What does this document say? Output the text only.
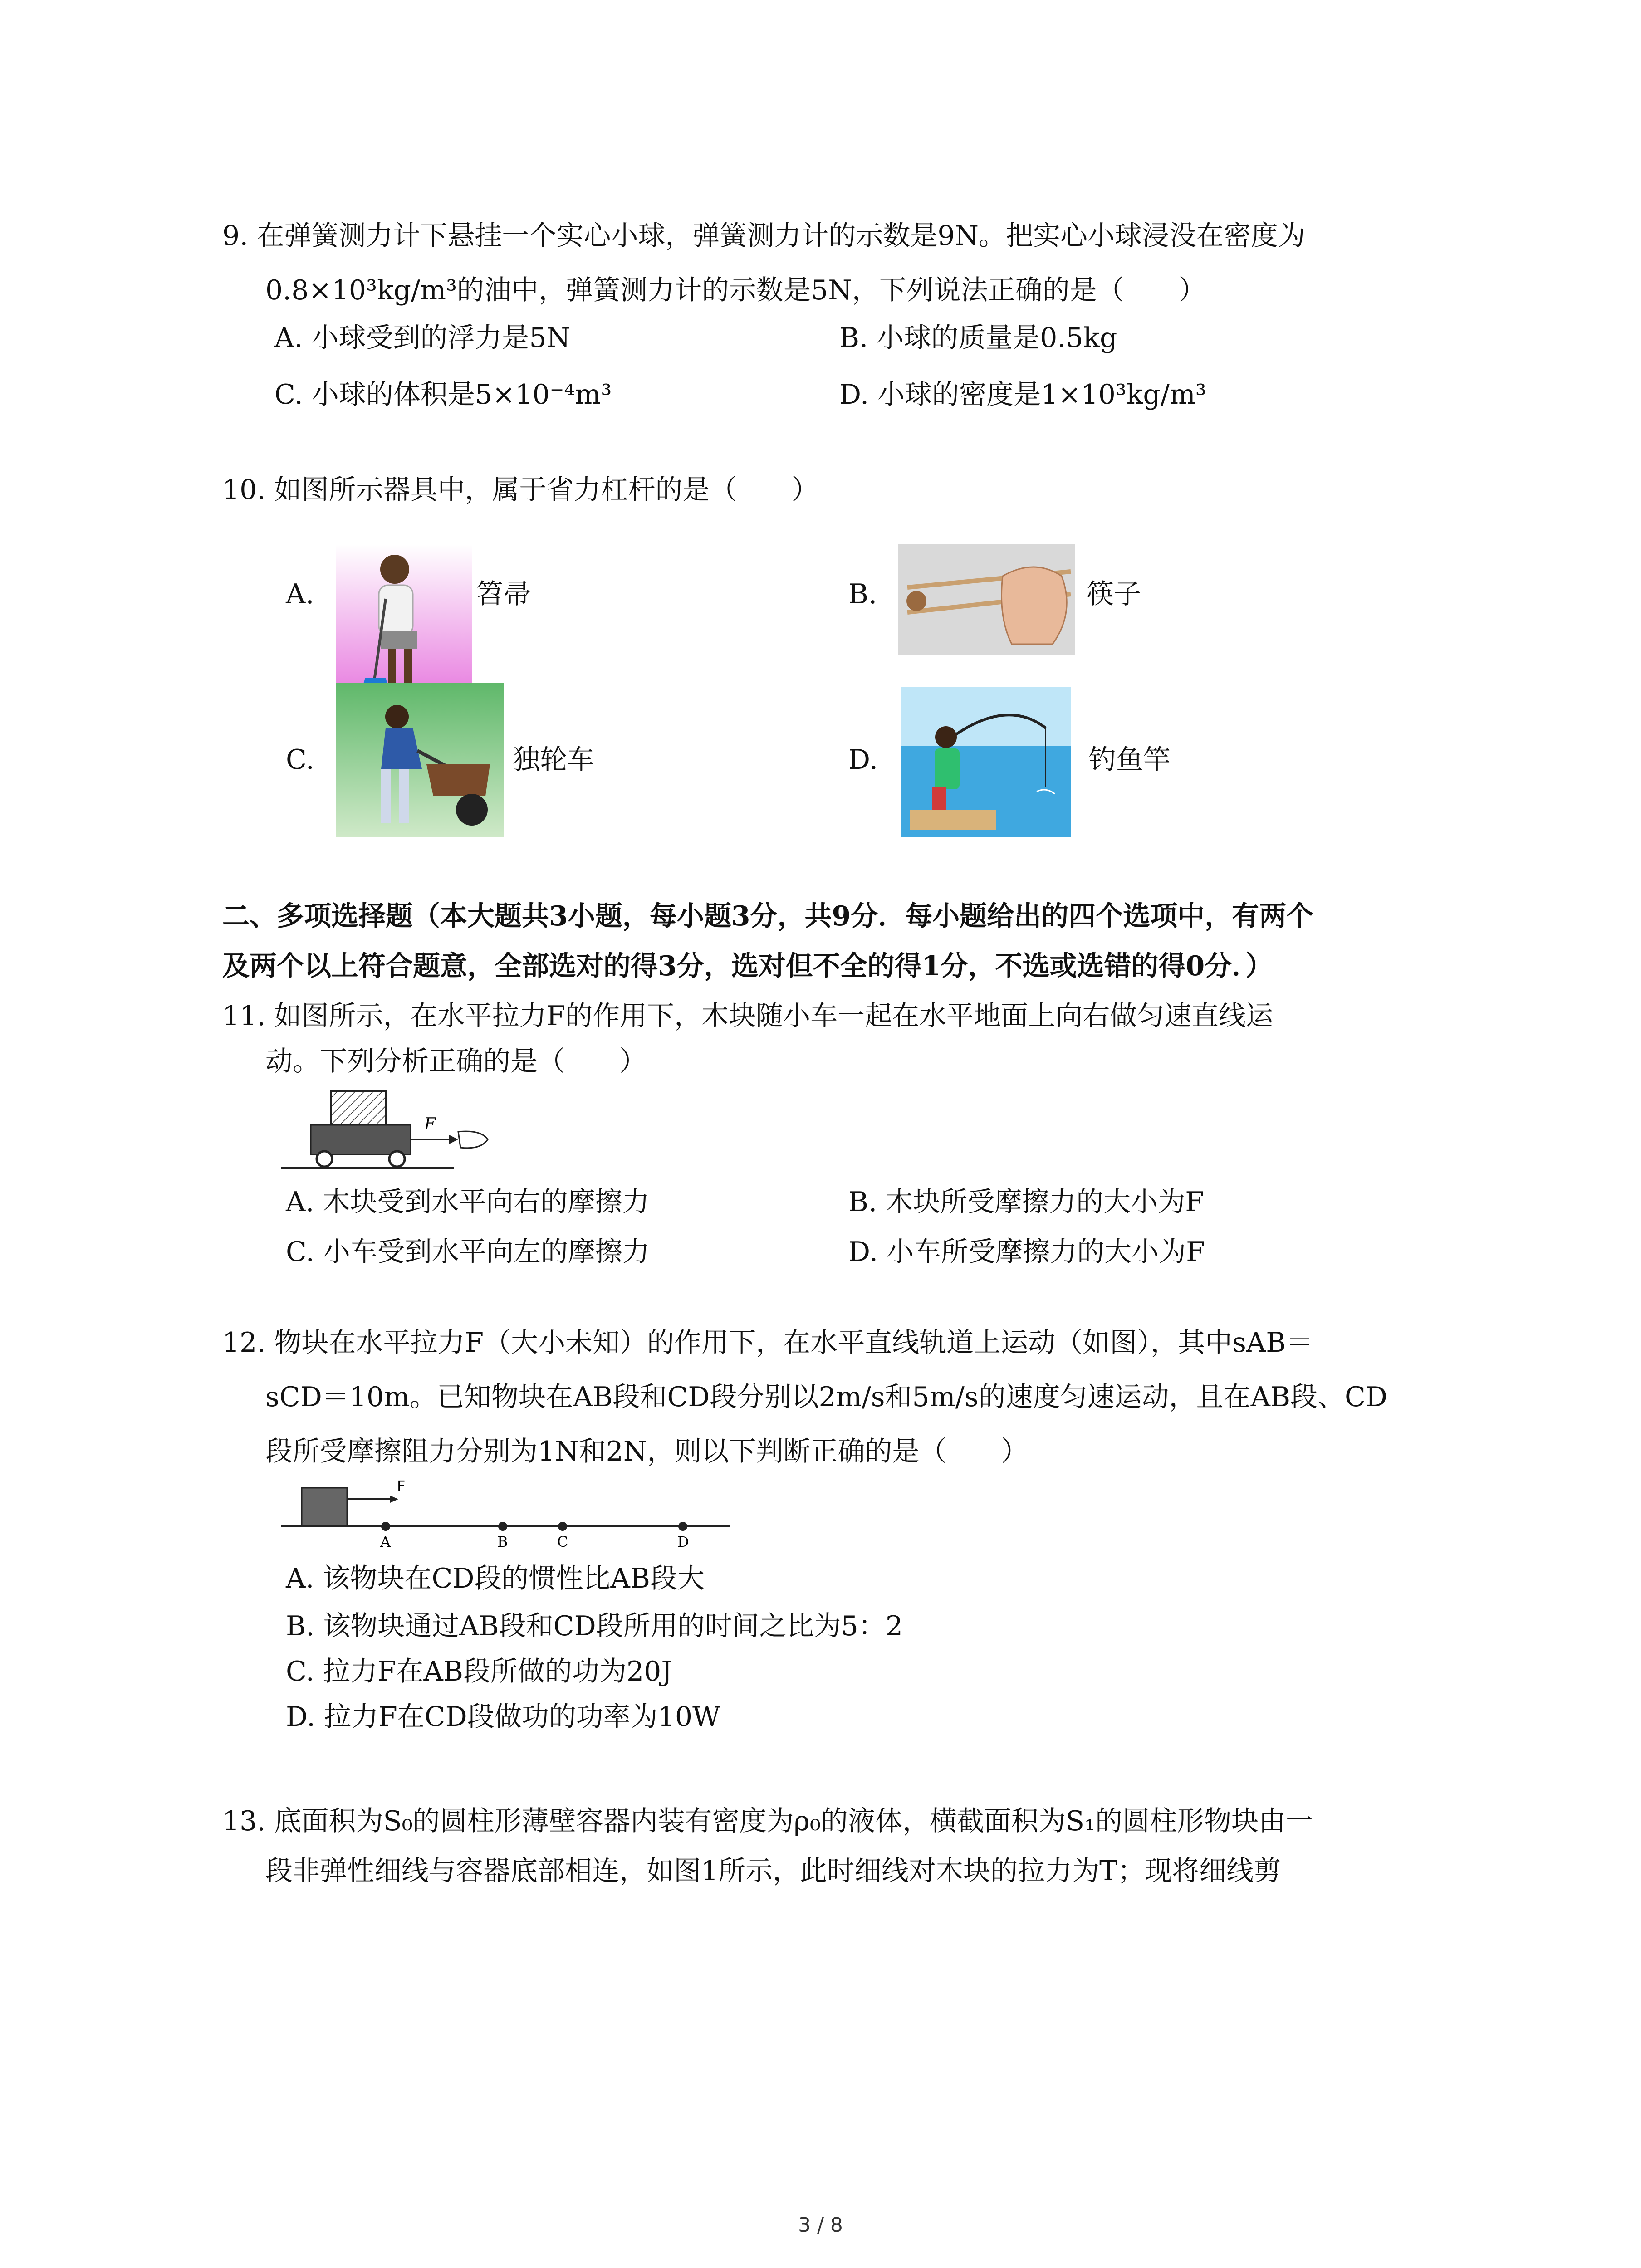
9. 在弹簧测力计下悬挂一个实心小球，弹簧测力计的示数是9N。把实心小球浸没在密度为
0.8×10³kg/m³的油中，弹簧测力计的示数是5N，下列说法正确的是（　　）
A. 小球受到的浮力是5N	B. 小球的质量是0.5kg
C. 小球的体积是5×10⁻⁴m³	D. 小球的密度是1×10³kg/m³
10. 如图所示器具中，属于省力杠杆的是（　　）
A.	笤帚	B.	筷子
C.	独轮车	D.	钓鱼竿
二、多项选择题（本大题共3小题，每小题3分，共9分．每小题给出的四个选项中，有两个
及两个以上符合题意，全部选对的得3分，选对但不全的得1分，不选或选错的得0分．）
11. 如图所示，在水平拉力F的作用下，木块随小车一起在水平地面上向右做匀速直线运
动。下列分析正确的是（　　）
F
A. 木块受到水平向右的摩擦力	B. 木块所受摩擦力的大小为F
C. 小车受到水平向左的摩擦力	D. 小车所受摩擦力的大小为F
12. 物块在水平拉力F（大小未知）的作用下，在水平直线轨道上运动（如图），其中sAB＝
sCD＝10m。已知物块在AB段和CD段分别以2m/s和5m/s的速度匀速运动，且在AB段、CD
段所受摩擦阻力分别为1N和2N，则以下判断正确的是（　　）
F
A	B	C	D
A. 该物块在CD段的惯性比AB段大
B. 该物块通过AB段和CD段所用的时间之比为5：2
C. 拉力F在AB段所做的功为20J
D. 拉力F在CD段做功的功率为10W
13. 底面积为S₀的圆柱形薄壁容器内装有密度为ρ₀的液体，横截面积为S₁的圆柱形物块由一
段非弹性细线与容器底部相连，如图1所示，此时细线对木块的拉力为T；现将细线剪
3 / 8
